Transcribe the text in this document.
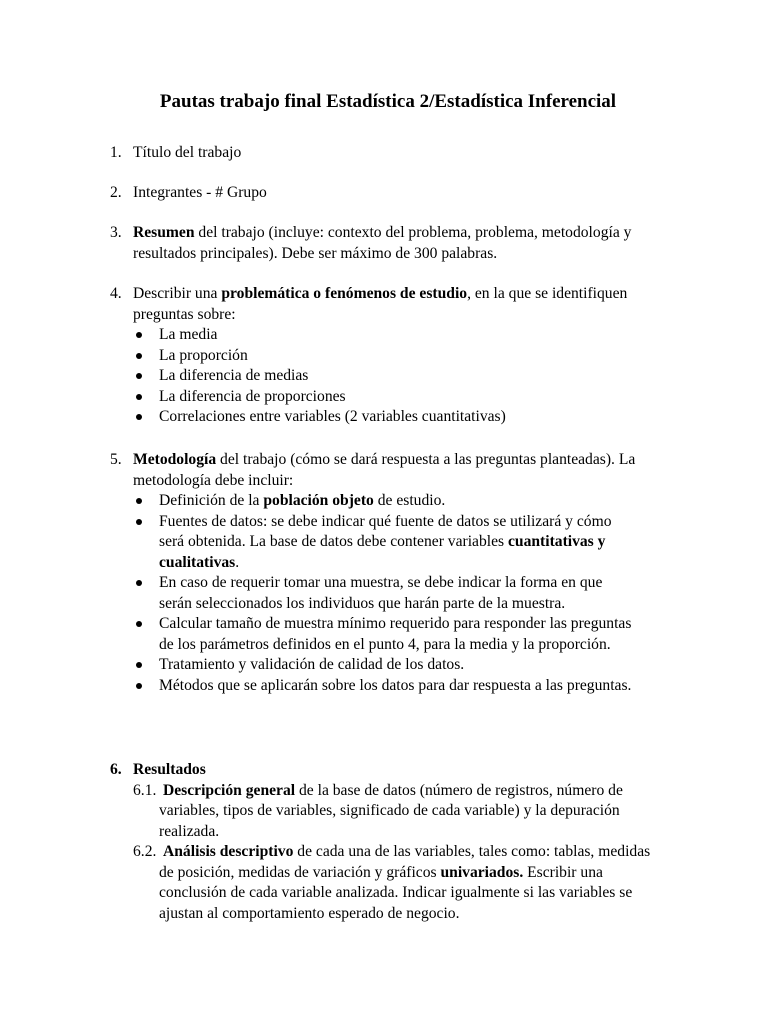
Pautas trabajo final Estadística 2/Estadística Inferencial
1. Título del trabajo
2. Integrantes - # Grupo
3. Resumen del trabajo (incluye: contexto del problema, problema, metodología y resultados principales). Debe ser máximo de 300 palabras.
4. Describir una problemática o fenómenos de estudio, en la que se identifiquen preguntas sobre:
La media
La proporción
La diferencia de medias
La diferencia de proporciones
Correlaciones entre variables (2 variables cuantitativas)
5. Metodología del trabajo (cómo se dará respuesta a las preguntas planteadas). La metodología debe incluir:
Definición de la población objeto de estudio.
Fuentes de datos: se debe indicar qué fuente de datos se utilizará y cómo será obtenida. La base de datos debe contener variables cuantitativas y cualitativas.
En caso de requerir tomar una muestra, se debe indicar la forma en que serán seleccionados los individuos que harán parte de la muestra.
Calcular tamaño de muestra mínimo requerido para responder las preguntas de los parámetros definidos en el punto 4, para la media y la proporción.
Tratamiento y validación de calidad de los datos.
Métodos que se aplicarán sobre los datos para dar respuesta a las preguntas.
6. Resultados
6.1. Descripción general de la base de datos (número de registros, número de variables, tipos de variables, significado de cada variable) y la depuración realizada.
6.2. Análisis descriptivo de cada una de las variables, tales como: tablas, medidas de posición, medidas de variación y gráficos univariados. Escribir una conclusión de cada variable analizada. Indicar igualmente si las variables se ajustan al comportamiento esperado de negocio.
